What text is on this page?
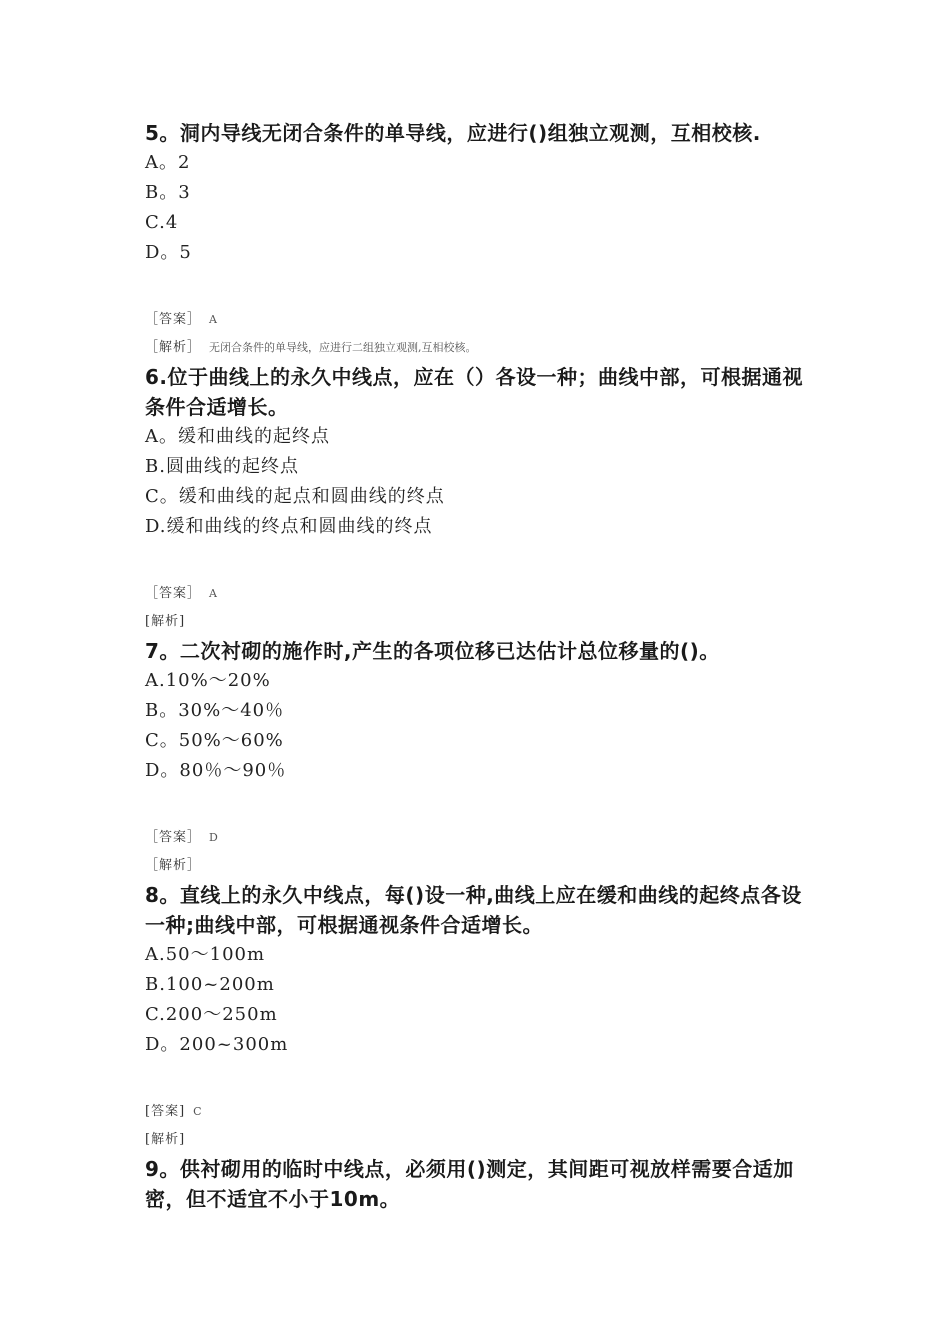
5。洞内导线无闭合条件的单导线，应进行()组独立观测，互相校核.

A。2

B。3

C.4

D。5

［答案］ A

［解析］ 无闭合条件的单导线，应进行二组独立观测,互相校核。

6.位于曲线上的永久中线点，应在（）各设一种；曲线中部，可根据通视条件合适增长。

A。缓和曲线的起终点

B.圆曲线的起终点

C。缓和曲线的起点和圆曲线的终点

D.缓和曲线的终点和圆曲线的终点

［答案］ A

[解析]

7。二次衬砌的施作时,产生的各项位移已达估计总位移量的()。

A.10%～20%

B。30%～40％

C。50%～60%

D。80％～90％

［答案］ D

［解析］

8。直线上的永久中线点，每()设一种,曲线上应在缓和曲线的起终点各设一种;曲线中部，可根据通视条件合适增长。

A.50～100m

B.100~200m

C.200～250m

D。200~300m

[答案] C

[解析]

9。供衬砌用的临时中线点，必须用()测定，其间距可视放样需要合适加密，但不适宜不小于10m。
